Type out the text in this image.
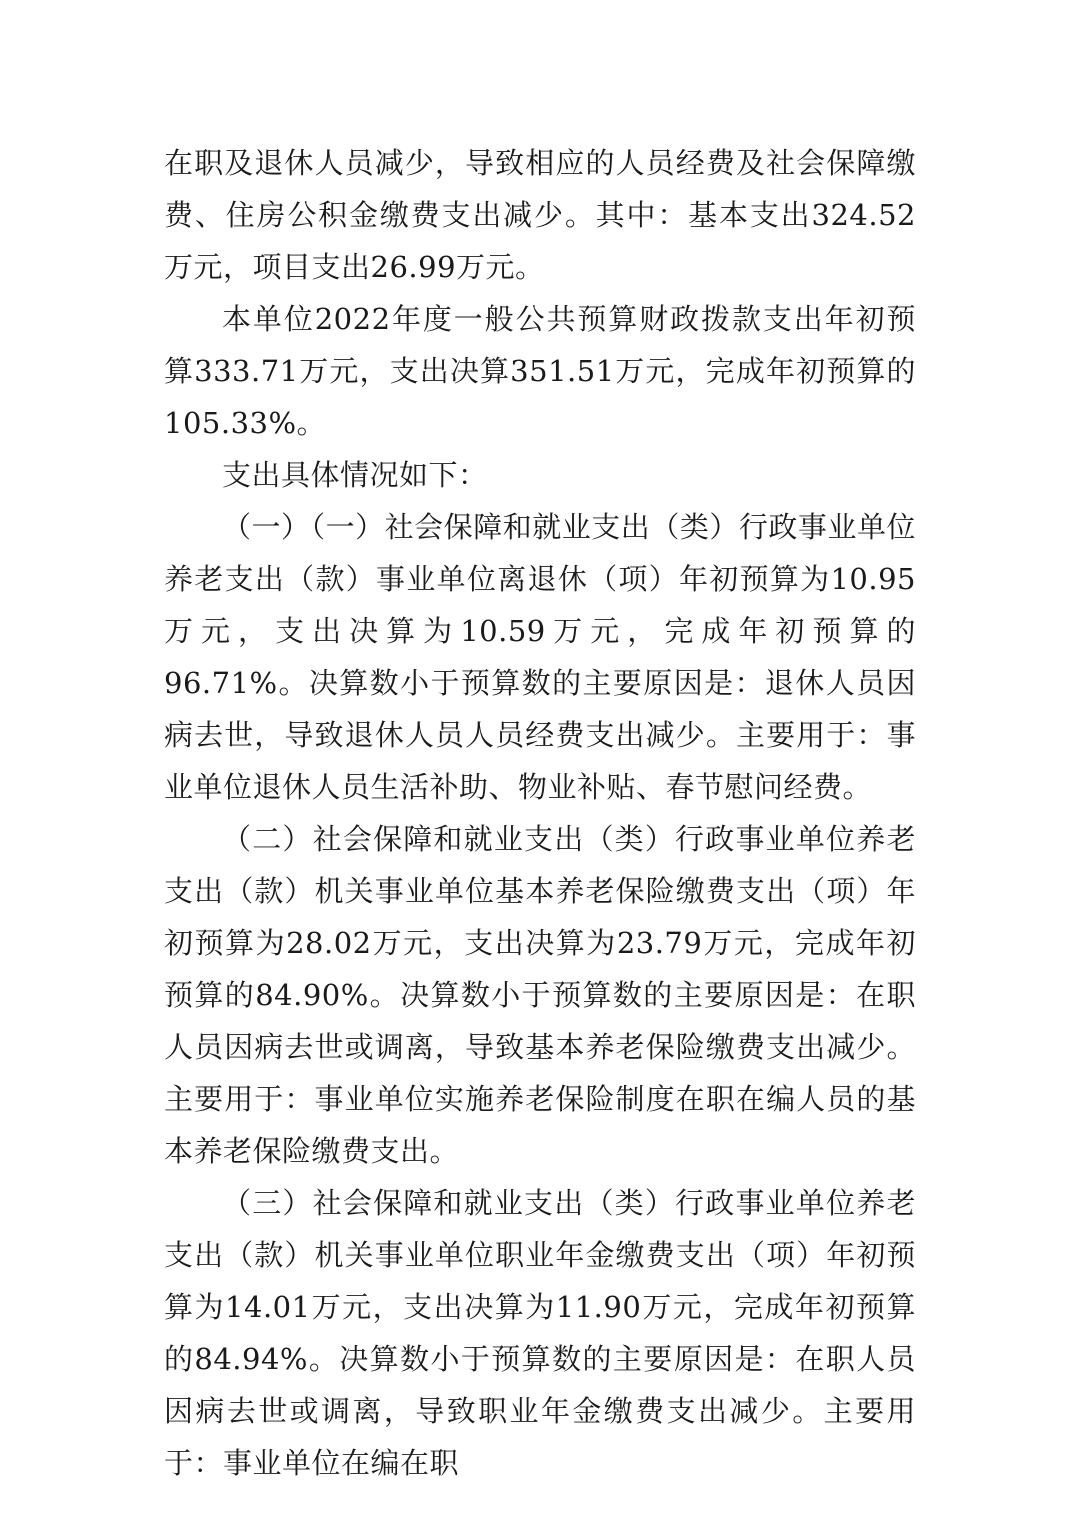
在职及退休人员减少，导致相应的人员经费及社会保障缴费、住房公积金缴费支出减少。其中：基本支出324.52万元，项目支出26.99万元。

本单位2022年度一般公共预算财政拨款支出年初预算333.71万元，支出决算351.51万元，完成年初预算的105.33%。

支出具体情况如下：

（一）（一）社会保障和就业支出（类）行政事业单位养老支出（款）事业单位离退休（项）年初预算为10.95万元，支出决算为10.59万元，完成年初预算的96.71%。决算数小于预算数的主要原因是：退休人员因病去世，导致退休人员人员经费支出减少。主要用于：事业单位退休人员生活补助、物业补贴、春节慰问经费。

（二）社会保障和就业支出（类）行政事业单位养老支出（款）机关事业单位基本养老保险缴费支出（项）年初预算为28.02万元，支出决算为23.79万元，完成年初预算的84.90%。决算数小于预算数的主要原因是：在职人员因病去世或调离，导致基本养老保险缴费支出减少。主要用于：事业单位实施养老保险制度在职在编人员的基本养老保险缴费支出。

（三）社会保障和就业支出（类）行政事业单位养老支出（款）机关事业单位职业年金缴费支出（项）年初预算为14.01万元，支出决算为11.90万元，完成年初预算的84.94%。决算数小于预算数的主要原因是：在职人员因病去世或调离，导致职业年金缴费支出减少。主要用于：事业单位在编在职
